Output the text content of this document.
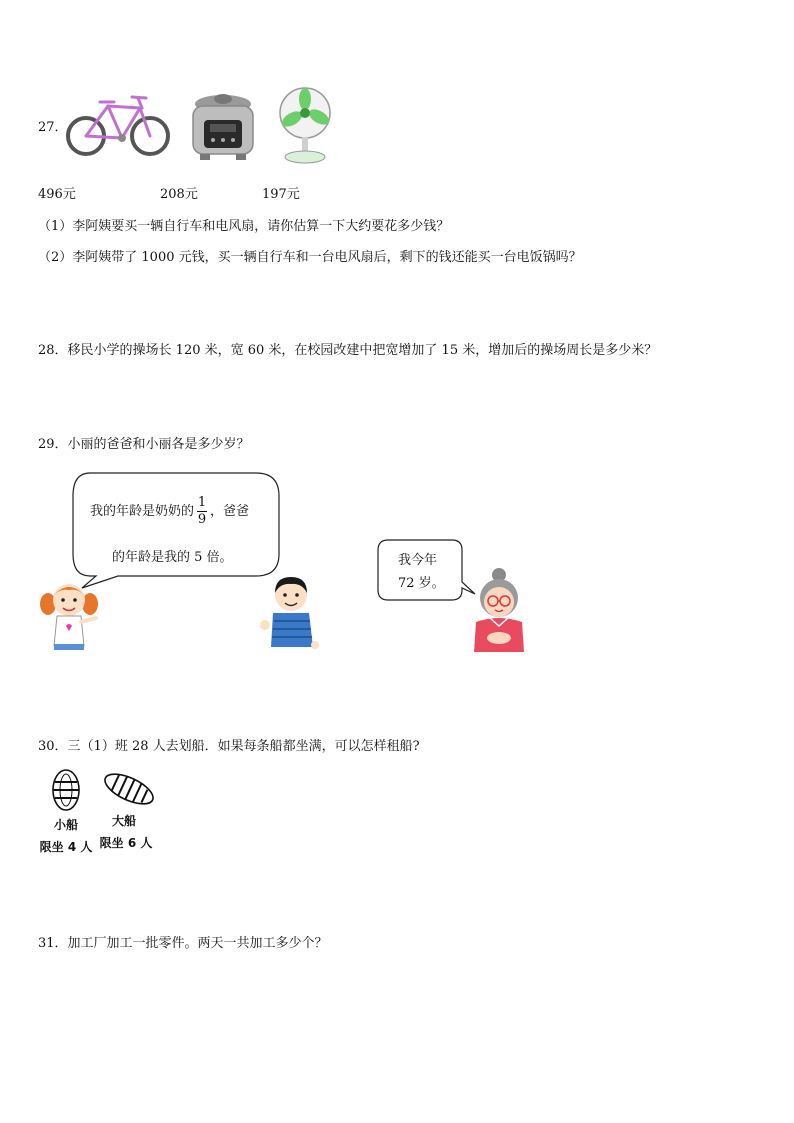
27．
496元	208元	197元
（1）李阿姨要买一辆自行车和电风扇，请你估算一下大约要花多少钱？
（2）李阿姨带了 1000 元钱，买一辆自行车和一台电风扇后，剩下的钱还能买一台电饭锅吗？
28．移民小学的操场长 120 米，宽 60 米，在校园改建中把宽增加了 15 米，增加后的操场周长是多少米？
29．小丽的爸爸和小丽各是多少岁？
我的年龄是奶奶的 $\frac{1}{9}$ ，爸爸
的年龄是我的 5 倍。	我今年
72 岁。
30．三（1）班 28 人去划船．如果每条船都坐满，可以怎样租船?
小船	大船
限坐 4 人 限坐 6 人
31．加工厂加工一批零件。两天一共加工多少个？
